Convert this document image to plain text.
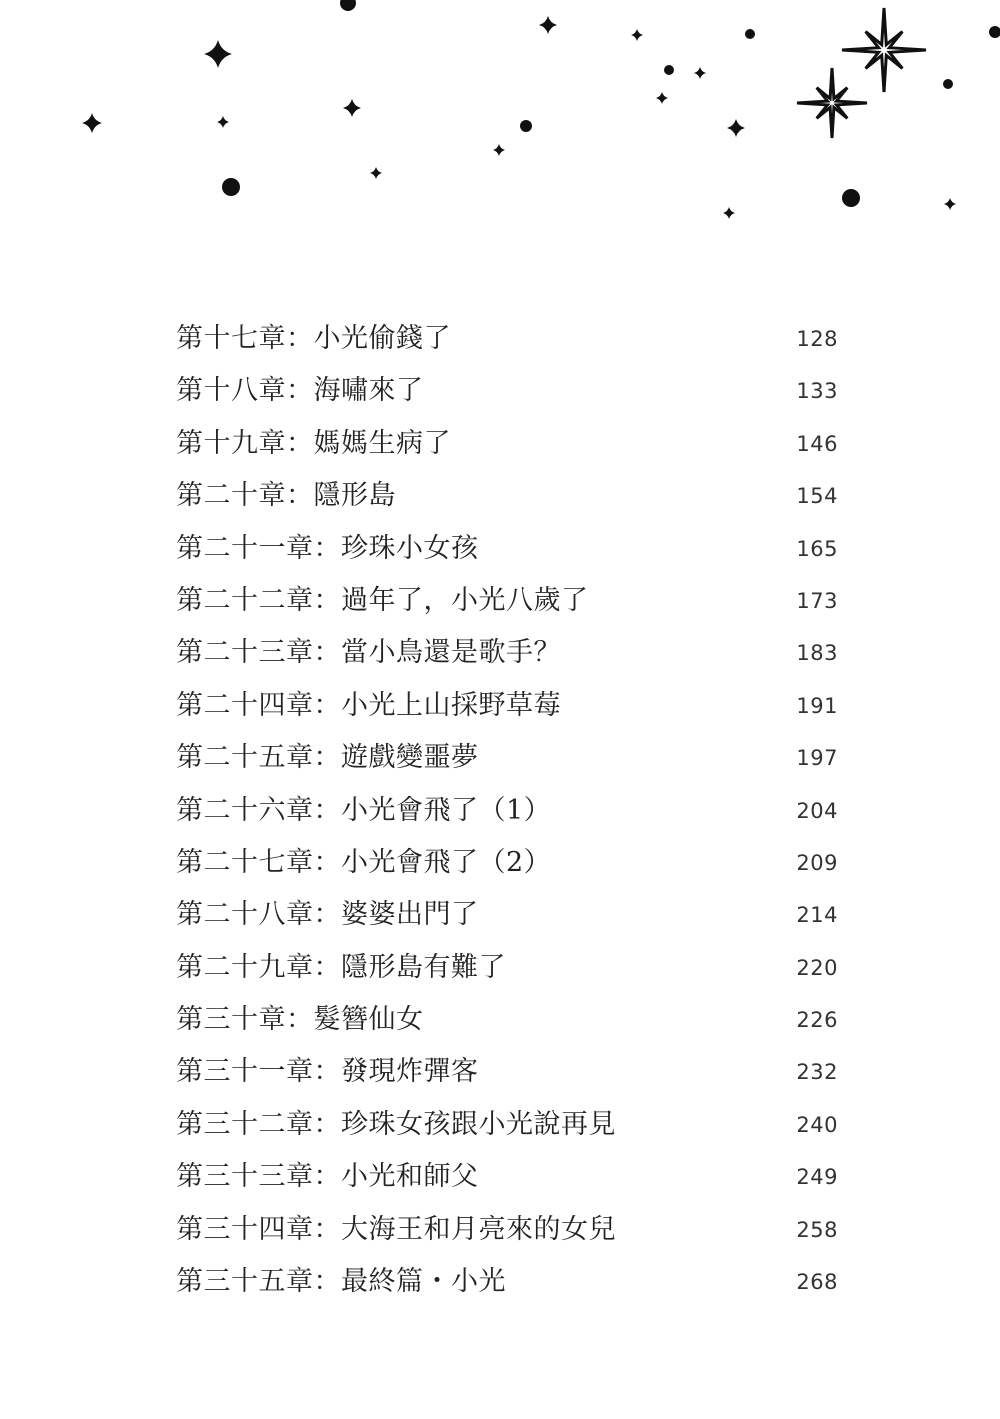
第十七章：小光偷錢了	128
第十八章：海嘯來了	133
第十九章：媽媽生病了	146
第二十章：隱形島	154
第二十一章：珍珠小女孩	165
第二十二章：過年了，小光八歲了	173
第二十三章：當小鳥還是歌手？	183
第二十四章：小光上山採野草莓	191
第二十五章：遊戲變噩夢	197
第二十六章：小光會飛了（1）	204
第二十七章：小光會飛了（2）	209
第二十八章：婆婆出門了	214
第二十九章：隱形島有難了	220
第三十章：髮簪仙女	226
第三十一章：發現炸彈客	232
第三十二章：珍珠女孩跟小光說再見	240
第三十三章：小光和師父	249
第三十四章：大海王和月亮來的女兒	258
第三十五章：最終篇・小光	268
